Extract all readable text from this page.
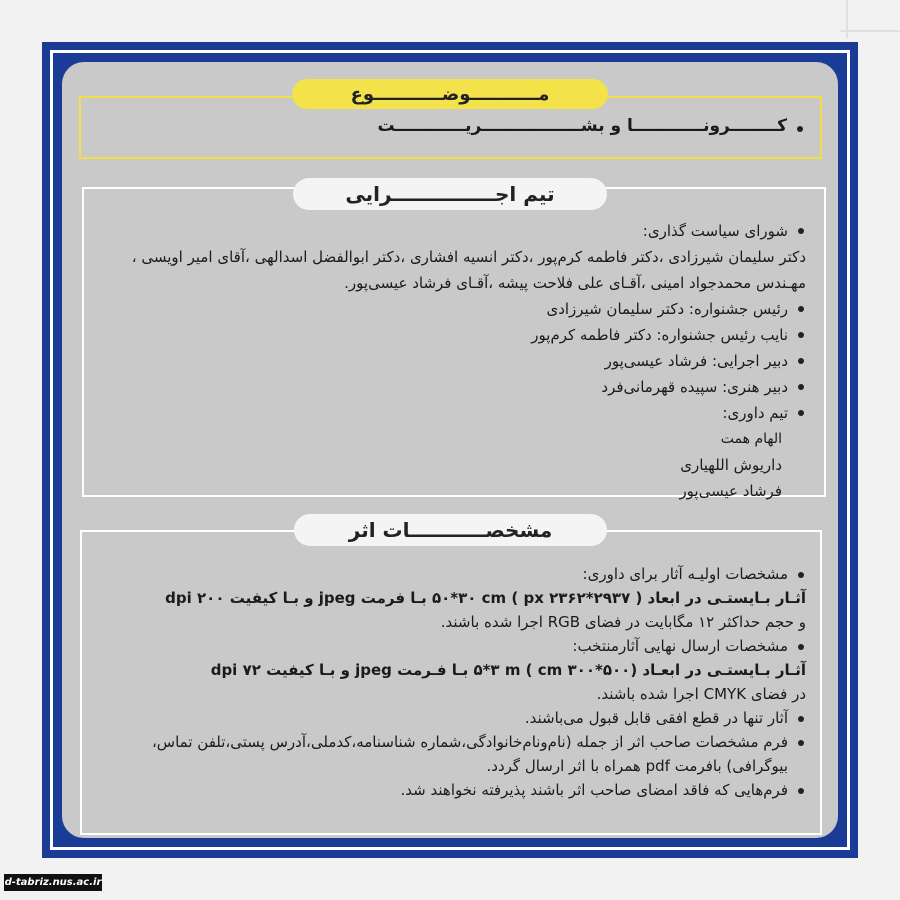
مـــــــــــوضـــــــــــوع
کــــــــرونــــــــــــا و بشـــــــــــــــــریــــــــــــت
تیم اجـــــــــــــــرایی
شورای سیاست گذاری:
دکتر سلیمان شیرزادی ،دکتر فاطمه کرم‌پور ،دکتر انسیه افشاری ،دکتر ابوالفضل اسدالهی ،آقای امیر اویسی ، مهـندس محمدجواد امینی ،آقـای علی فلاحت پیشه ،آقـای فرشاد عیسی‌پور.
رئیس جشنواره: دکتر سلیمان شیرزادی
نایب رئیس جشنواره: دکتر فاطمه کرم‌پور
دبیر اجرایی: فرشاد عیسی‌پور
دبیر هنری: سپیده قهرمانی‌فرد
تیم داوری:
الهام همت
داریوش اللهیاری
فرشاد عیسی‌پور
مشخصـــــــــــات اثر
مشخصات اولیـه آثار برای داوری:
آثـار بـایستـی در ابعاد ( ۲۹۳۷*۲۳۶۲ px ) ۵۰*۳۰ cm بـا فرمت jpeg و بـا کیفیت ۲۰۰ dpi
و حجم حداکثر ۱۲ مگابایت در فضای RGB اجرا شده باشند.
مشخصات ارسال نهایی آثارمنتخب:
آثـار بـایستـی در ابعـاد (۵۰۰*۳۰۰ cm ) ۵*۳ m بـا فـرمت jpeg و بـا کیفیت ۷۲ dpi
در فضای CMYK اجرا شده باشند.
آثار تنها در قطع افقی قابل قبول می‌باشند.
فرم مشخصات صاحب اثر از جمله (نام‌ونام‌خانوادگی،شماره شناسنامه،کدملی،آدرس پستی،تلفن تماس، بیوگرافی) بافرمت pdf همراه با اثر ارسال گردد.
فرم‌هایی که فاقد امضای صاحب اثر باشند پذیرفته نخواهند شد.
d-tabriz.nus.ac.ir
